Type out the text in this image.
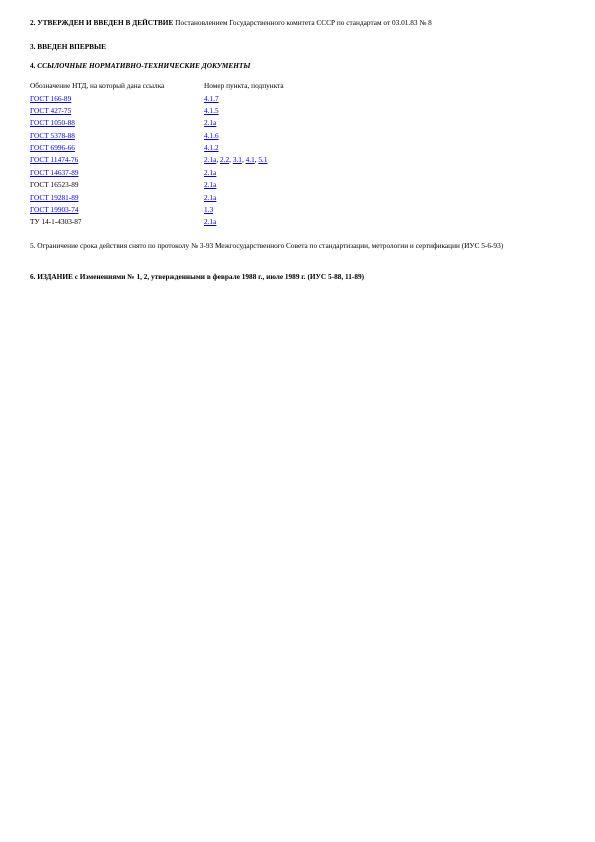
2. УТВЕРЖДЕН И ВВЕДЕН В ДЕЙСТВИЕ Постановлением Государственного комитета СССР по стандартам от 03.01.83 № 8
3. ВВЕДЕН ВПЕРВЫЕ
4. ССЫЛОЧНЫЕ НОРМАТИВНО-ТЕХНИЧЕСКИЕ ДОКУМЕНТЫ
Обозначение НТД, на который дана ссылка	Номер пункта, подпункта
ГОСТ 166-89	4.1.7
ГОСТ 427-75	4.1.5
ГОСТ 1050-88	2.1а
ГОСТ 5378-88	4.1.6
ГОСТ 6996-66	4.1.2
ГОСТ 11474-76	2.1а, 2.2, 3.1, 4.1, 5.1
ГОСТ 14637-89	2.1а
ГОСТ 16523-89	2.1а
ГОСТ 19281-89	2.1а
ГОСТ 19903-74	1.3
ТУ 14-1-4303-87	2.1а
5. Ограничение срока действия снято по протоколу № 3-93 Межгосударственного Совета по стандартизации, метрологии и сертификации (ИУС 5-6-93)
6. ИЗДАНИЕ с Изменениями № 1, 2, утвержденными в феврале 1988 г., июле 1989 г. (ИУС 5-88, 11-89)
